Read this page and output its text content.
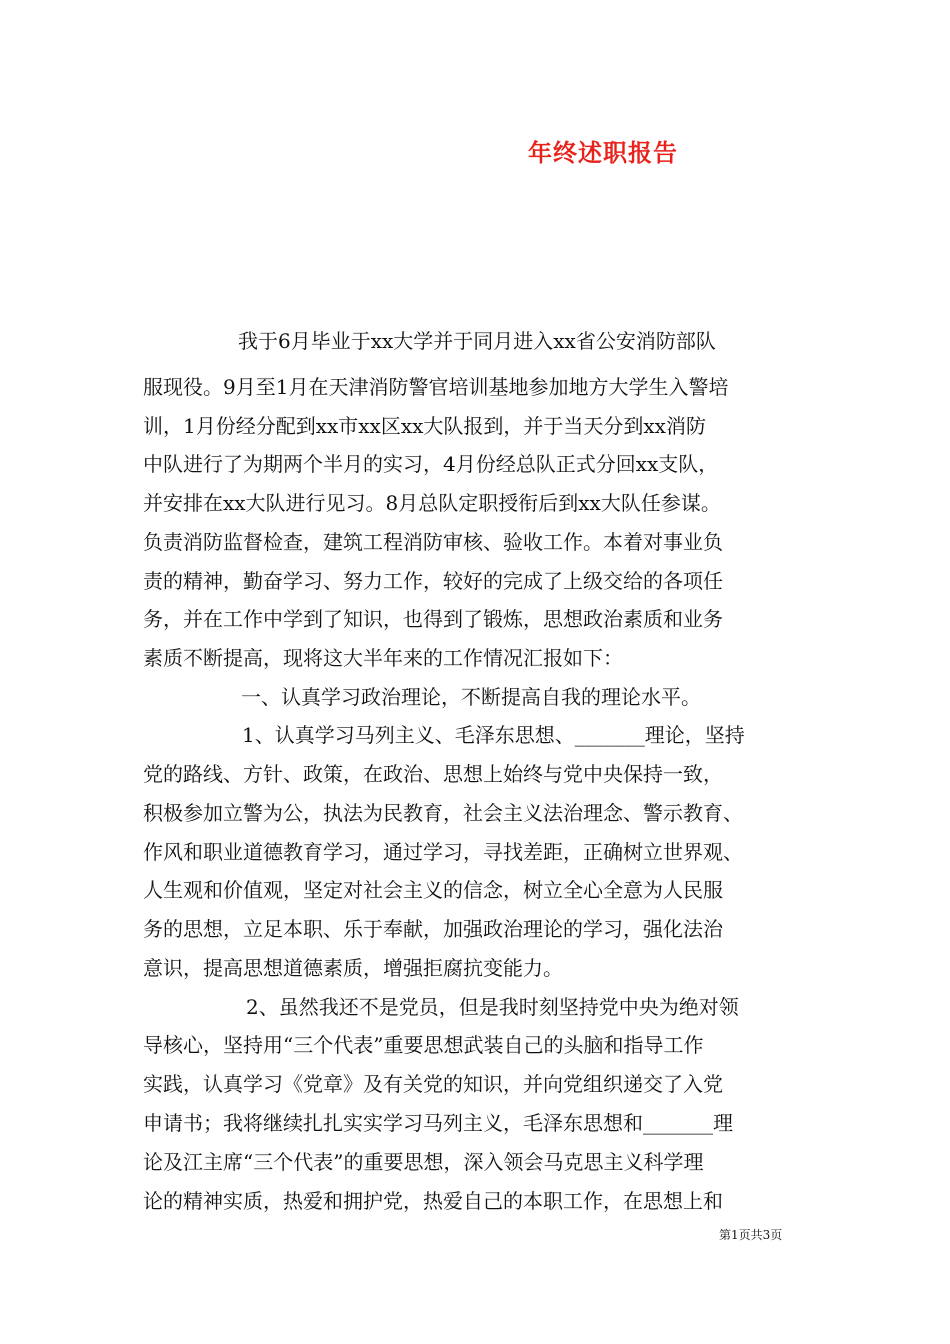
年终述职报告
我于6月毕业于xx大学并于同月进入xx省公安消防部队
服现役。9月至1月在天津消防警官培训基地参加地方大学生入警培
训，1月份经分配到xx市xx区xx大队报到，并于当天分到xx消防
中队进行了为期两个半月的实习，4月份经总队正式分回xx支队，
并安排在xx大队进行见习。8月总队定职授衔后到xx大队任参谋。
负责消防监督检查，建筑工程消防审核、验收工作。本着对事业负
责的精神，勤奋学习、努力工作，较好的完成了上级交给的各项任
务，并在工作中学到了知识，也得到了锻炼，思想政治素质和业务
素质不断提高，现将这大半年来的工作情况汇报如下：
一、认真学习政治理论，不断提高自我的理论水平。
1、认真学习马列主义、毛泽东思想、_______理论，坚持
党的路线、方针、政策，在政治、思想上始终与党中央保持一致，
积极参加立警为公，执法为民教育，社会主义法治理念、警示教育、
作风和职业道德教育学习，通过学习，寻找差距，正确树立世界观、
人生观和价值观，坚定对社会主义的信念，树立全心全意为人民服
务的思想，立足本职、乐于奉献，加强政治理论的学习，强化法治
意识，提高思想道德素质，增强拒腐抗变能力。
2、虽然我还不是党员，但是我时刻坚持党中央为绝对领
导核心，坚持用“三个代表”重要思想武装自己的头脑和指导工作
实践，认真学习《党章》及有关党的知识，并向党组织递交了入党
申请书；我将继续扎扎实实学习马列主义，毛泽东思想和_______理
论及江主席“三个代表”的重要思想，深入领会马克思主义科学理
论的精神实质，热爱和拥护党，热爱自己的本职工作，在思想上和
第1页共3页
